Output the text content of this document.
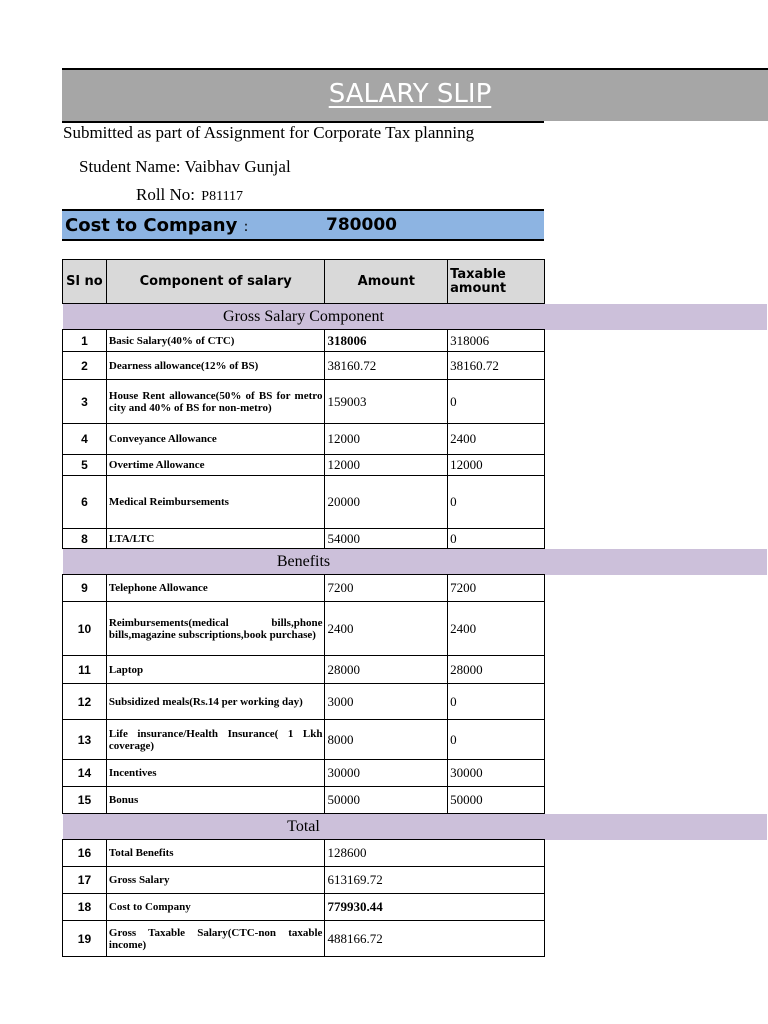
SALARY SLIP
Submitted as part of Assignment for Corporate Tax planning
Student Name: Vaibhav Gunjal
Roll No: P81117
Cost to Company :	780000
Sl no	Component of salary	Amount	Taxable amount	
Gross Salary Component				
1	Basic Salary(40% of CTC)	318006	318006	
2	Dearness allowance(12% of BS)	38160.72	38160.72	
3	House Rent allowance(50% of BS for metro city and 40% of BS for non-metro)	159003	0	
4	Conveyance Allowance	12000	2400	
5	Overtime Allowance	12000	12000	
6	Medical Reimbursements	20000	0	
8	LTA/LTC	54000	0	
Benefits				
9	Telephone Allowance	7200	7200	
10	Reimbursements(medical bills,phone bills,magazine subscriptions,book purchase)	2400	2400	
11	Laptop	28000	28000	
12	Subsidized meals(Rs.14 per working day)	3000	0	
13	Life insurance/Health Insurance( 1 Lkh coverage)	8000	0	
14	Incentives	30000	30000	
15	Bonus	50000	50000	
Total				
16	Total Benefits	128600		
17	Gross Salary	613169.72		
18	Cost to Company	779930.44		
19	Gross Taxable Salary(CTC-non taxable income)	488166.72		
